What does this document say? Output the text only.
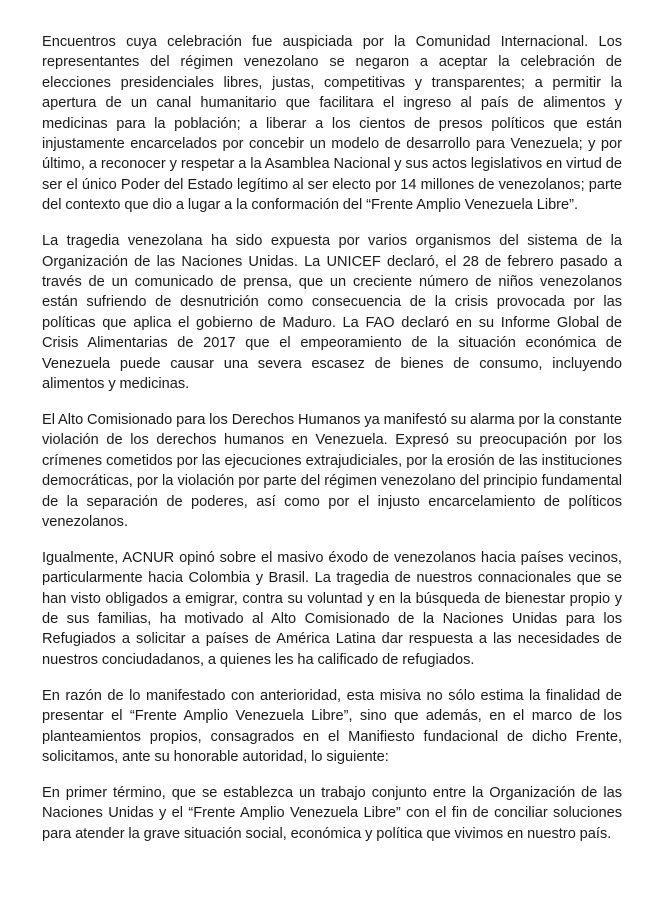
Encuentros cuya celebración fue auspiciada por la Comunidad Internacional. Los representantes del régimen venezolano se negaron a aceptar la celebración de elecciones presidenciales libres, justas, competitivas y transparentes; a permitir la apertura de un canal humanitario que facilitara el ingreso al país de alimentos y medicinas para la población; a liberar a los cientos de presos políticos que están injustamente encarcelados por concebir un modelo de desarrollo para Venezuela; y por último, a reconocer y respetar a la Asamblea Nacional y sus actos legislativos en virtud de ser el único Poder del Estado legítimo al ser electo por 14 millones de venezolanos; parte del contexto que dio a lugar a la conformación del “Frente Amplio Venezuela Libre”.

La tragedia venezolana ha sido expuesta por varios organismos del sistema de la Organización de las Naciones Unidas. La UNICEF declaró, el 28 de febrero pasado a través de un comunicado de prensa, que un creciente número de niños venezolanos están sufriendo de desnutrición como consecuencia de la crisis provocada por las políticas que aplica el gobierno de Maduro. La FAO declaró en su Informe Global de Crisis Alimentarias de 2017 que el empeoramiento de la situación económica de Venezuela puede causar una severa escasez de bienes de consumo, incluyendo alimentos y medicinas.

El Alto Comisionado para los Derechos Humanos ya manifestó su alarma por la constante violación de los derechos humanos en Venezuela. Expresó su preocupación por los crímenes cometidos por las ejecuciones extrajudiciales, por la erosión de las instituciones democráticas, por la violación por parte del régimen venezolano del principio fundamental de la separación de poderes, así como por el injusto encarcelamiento de políticos venezolanos.

Igualmente, ACNUR opinó sobre el masivo éxodo de venezolanos hacia países vecinos, particularmente hacia Colombia y Brasil. La tragedia de nuestros connacionales que se han visto obligados a emigrar, contra su voluntad y en la búsqueda de bienestar propio y de sus familias, ha motivado al Alto Comisionado de la Naciones Unidas para los Refugiados a solicitar a países de América Latina dar respuesta a las necesidades de nuestros conciudadanos, a quienes les ha calificado de refugiados.

En razón de lo manifestado con anterioridad, esta misiva no sólo estima la finalidad de presentar el “Frente Amplio Venezuela Libre”, sino que además, en el marco de los planteamientos propios, consagrados en el Manifiesto fundacional de dicho Frente, solicitamos, ante su honorable autoridad, lo siguiente:

En primer término, que se establezca un trabajo conjunto entre la Organización de las Naciones Unidas y el “Frente Amplio Venezuela Libre” con el fin de conciliar soluciones para atender la grave situación social, económica y política que vivimos en nuestro país.
